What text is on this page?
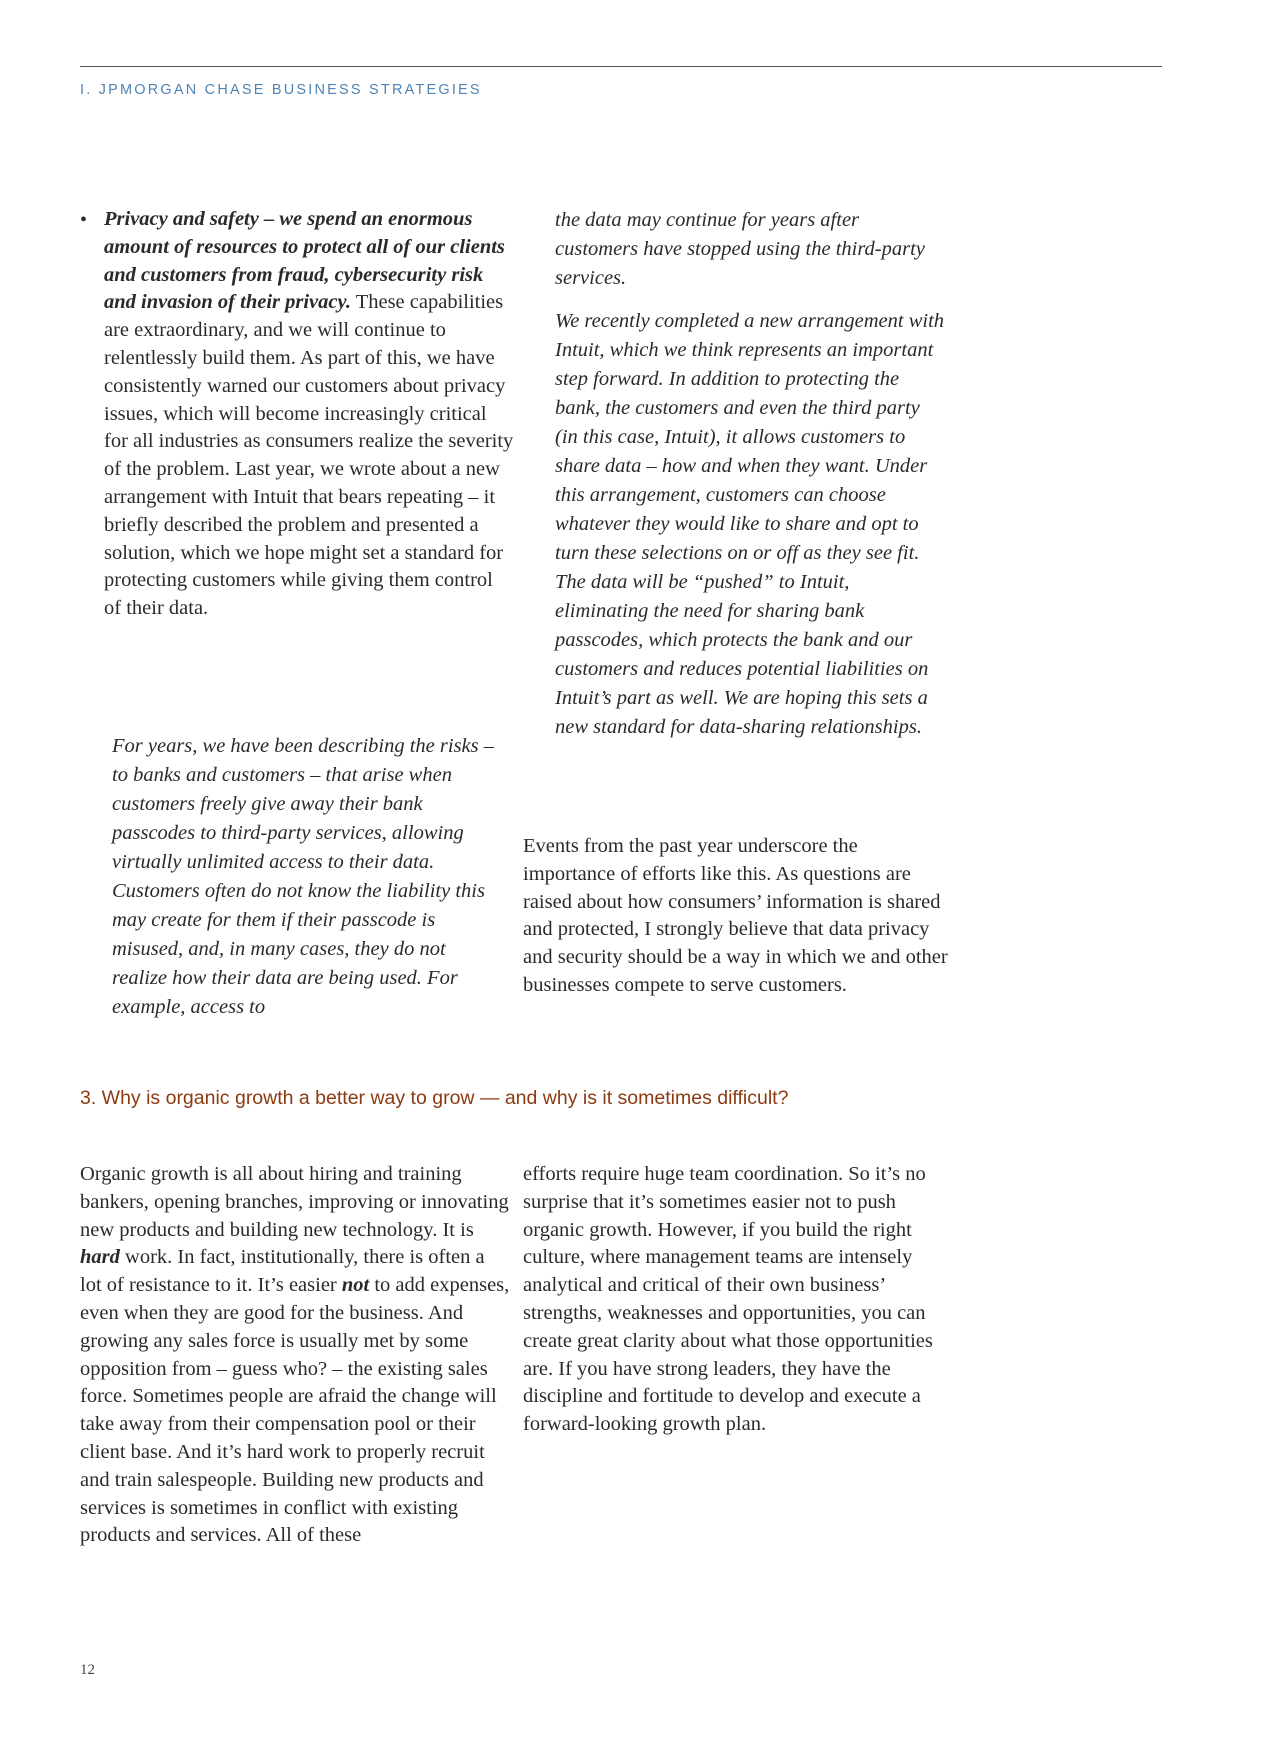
I. JPMORGAN CHASE BUSINESS STRATEGIES
• Privacy and safety – we spend an enormous amount of resources to protect all of our clients and customers from fraud, cybersecurity risk and invasion of their privacy. These capabilities are extraordinary, and we will continue to relentlessly build them. As part of this, we have consistently warned our customers about privacy issues, which will become increasingly critical for all industries as consumers realize the severity of the problem. Last year, we wrote about a new arrangement with Intuit that bears repeating – it briefly described the problem and presented a solution, which we hope might set a standard for protecting customers while giving them control of their data.

For years, we have been describing the risks – to banks and customers – that arise when customers freely give away their bank passcodes to third-party services, allowing virtually unlimited access to their data. Customers often do not know the liability this may create for them if their passcode is misused, and, in many cases, they do not realize how their data are being used. For example, access to

the data may continue for years after customers have stopped using the third-party services.

We recently completed a new arrangement with Intuit, which we think represents an important step forward. In addition to protecting the bank, the customers and even the third party (in this case, Intuit), it allows customers to share data – how and when they want. Under this arrangement, customers can choose whatever they would like to share and opt to turn these selections on or off as they see fit. The data will be “pushed” to Intuit, eliminating the need for sharing bank passcodes, which protects the bank and our customers and reduces potential liabilities on Intuit’s part as well. We are hoping this sets a new standard for data-sharing relationships.

Events from the past year underscore the importance of efforts like this. As questions are raised about how consumers’ information is shared and protected, I strongly believe that data privacy and security should be a way in which we and other businesses compete to serve customers.

3. Why is organic growth a better way to grow — and why is it sometimes difficult?

Organic growth is all about hiring and training bankers, opening branches, improving or innovating new products and building new technology. It is hard work. In fact, institutionally, there is often a lot of resistance to it. It’s easier not to add expenses, even when they are good for the business. And growing any sales force is usually met by some opposition from – guess who? – the existing sales force. Sometimes people are afraid the change will take away from their compensation pool or their client base. And it’s hard work to properly recruit and train salespeople. Building new products and services is sometimes in conflict with existing products and services. All of these

efforts require huge team coordination. So it’s no surprise that it’s sometimes easier not to push organic growth. However, if you build the right culture, where management teams are intensely analytical and critical of their own business’ strengths, weaknesses and opportunities, you can create great clarity about what those opportunities are. If you have strong leaders, they have the discipline and fortitude to develop and execute a forward-looking growth plan.

12
